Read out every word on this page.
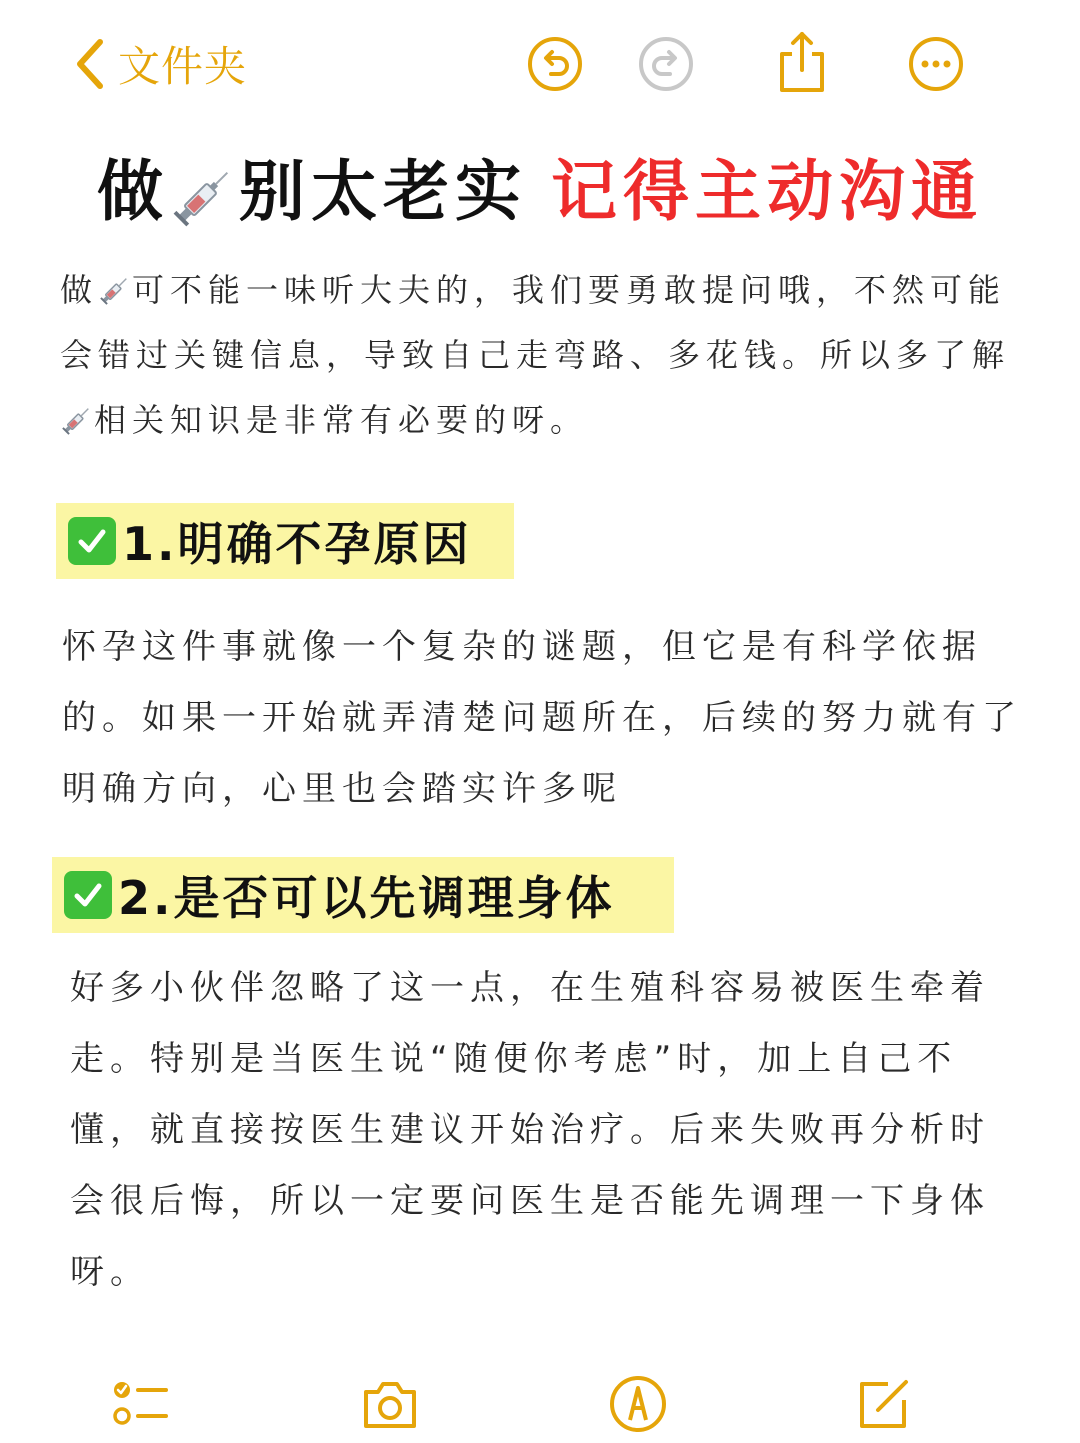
文件夹
做 别太老实 记得主动沟通
做 可不能一味听大夫的，我们要勇敢提问哦，不然可能会错过关键信息，导致自己走弯路、多花钱。所以多了解相关知识是非常有必要的呀。
1.明确不孕原因
怀孕这件事就像一个复杂的谜题，但它是有科学依据的。如果一开始就弄清楚问题所在，后续的努力就有了明确方向，心里也会踏实许多呢
2.是否可以先调理身体
好多小伙伴忽略了这一点，在生殖科容易被医生牵着走。特别是当医生说“随便你考虑”时，加上自己不懂，就直接按医生建议开始治疗。后来失败再分析时会很后悔，所以一定要问医生是否能先调理一下身体呀。
